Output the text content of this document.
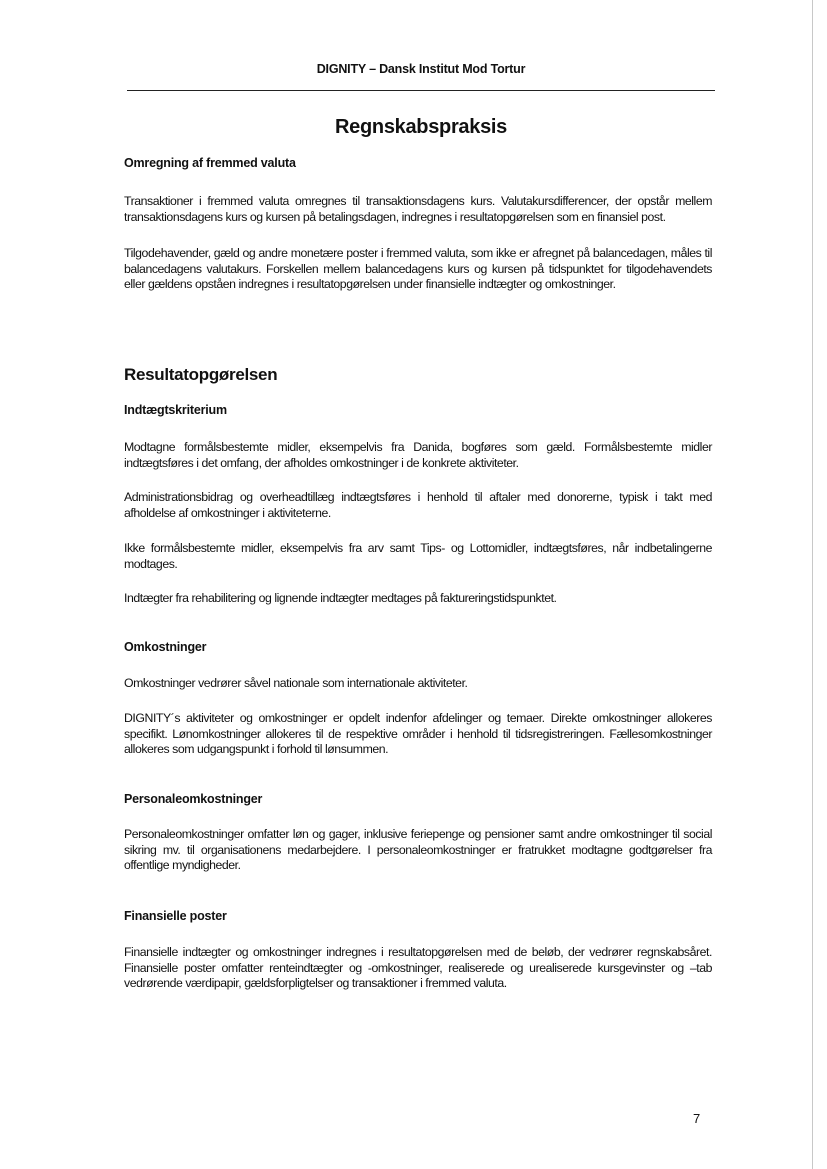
DIGNITY – Dansk Institut Mod Tortur
Regnskabspraksis
Omregning af fremmed valuta

Transaktioner i fremmed valuta omregnes til transaktionsdagens kurs. Valutakursdifferencer, der opstår mellem transaktionsdagens kurs og kursen på betalingsdagen, indregnes i resultatopgørelsen som en finansiel post.

Tilgodehavender, gæld og andre monetære poster i fremmed valuta, som ikke er afregnet på balancedagen, måles til balancedagens valutakurs. Forskellen mellem balancedagens kurs og kursen på tidspunktet for tilgodehavendets eller gældens opståen indregnes i resultatopgørelsen under finansielle indtægter og omkostninger.

Resultatopgørelsen
Indtægtskriterium

Modtagne formålsbestemte midler, eksempelvis fra Danida, bogføres som gæld. Formålsbestemte midler indtægtsføres i det omfang, der afholdes omkostninger i de konkrete aktiviteter.

Administrationsbidrag og overheadtillæg indtægtsføres i henhold til aftaler med donorerne, typisk i takt med afholdelse af omkostninger i aktiviteterne.

Ikke formålsbestemte midler, eksempelvis fra arv samt Tips- og Lottomidler, indtægtsføres, når indbetalingerne modtages.

Indtægter fra rehabilitering og lignende indtægter medtages på faktureringstidspunktet.

Omkostninger

Omkostninger vedrører såvel nationale som internationale aktiviteter.

DIGNITY´s aktiviteter og omkostninger er opdelt indenfor afdelinger og temaer. Direkte omkostninger allokeres specifikt. Lønomkostninger allokeres til de respektive områder i henhold til tidsregistreringen. Fællesomkostninger allokeres som udgangspunkt i forhold til lønsummen.

Personaleomkostninger

Personaleomkostninger omfatter løn og gager, inklusive feriepenge og pensioner samt andre omkostninger til social sikring mv. til organisationens medarbejdere. I personaleomkostninger er fratrukket modtagne godtgørelser fra offentlige myndigheder.

Finansielle poster

Finansielle indtægter og omkostninger indregnes i resultatopgørelsen med de beløb, der vedrører regnskabsåret. Finansielle poster omfatter renteindtægter og -omkostninger, realiserede og urealiserede kursgevinster og –tab vedrørende værdipapir, gældsforpligtelser og transaktioner i fremmed valuta.

7
